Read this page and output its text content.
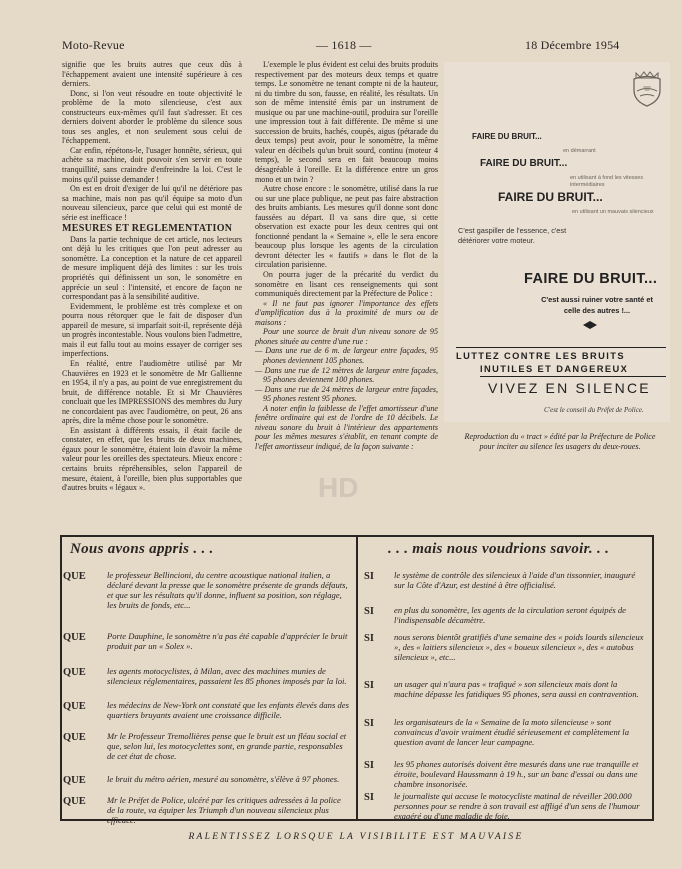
Moto-Revue	— 1618 —	18 Décembre 1954

signifie que les bruits autres que ceux dûs à l'échappement avaient une intensité supérieure à ces derniers.

Donc, si l'on veut résoudre en toute objectivité le problème de la moto silencieuse, c'est aux constructeurs eux-mêmes qu'il faut s'adresser. Et ces derniers doivent aborder le problème du silence sous tous ses angles, et non seulement sous celui de l'échappement.

Car enfin, répétons-le, l'usager honnête, sérieux, qui achète sa machine, doit pouvoir s'en servir en toute tranquillité, sans craindre d'enfreindre la loi. C'est le moins qu'il puisse demander !

On est en droit d'exiger de lui qu'il ne détériore pas sa machine, mais non pas qu'il équipe sa moto d'un nouveau silencieux, parce que celui qui est monté de série est inefficace !

MESURES ET REGLEMENTATION

Dans la partie technique de cet article, nos lecteurs ont déjà lu les critiques que l'on peut adresser au sonomètre. La conception et la nature de cet appareil de mesure impliquent déjà des limites : sur les trois propriétés qui définissent un son, le sonomètre en apprécie un seul : l'intensité, et encore de façon ne correspondant pas à la sensibilité auditive.

Evidemment, le problème est très complexe et on pourra nous rétorquer que le fait de disposer d'un appareil de mesure, si imparfait soit-il, représente déjà un progrès incontestable. Nous voulons bien l'admettre, mais il eut fallu tout au moins essayer de corriger ses imperfections.

En réalité, entre l'audiomètre utilisé par Mr Chauvières en 1923 et le sonomètre de Mr Gallienne en 1954, il n'y a pas, au point de vue enregistrement du bruit, de différence notable. Et si Mr Chauvières concluait que les IMPRESSIONS des membres du Jury ne concordaient pas avec l'audiomètre, on peut, 26 ans après, dire la même chose pour le sonomètre.

En assistant à différents essais, il était facile de constater, en effet, que les bruits de deux machines, égaux pour le sonomètre, étaient loin d'avoir la même valeur pour les oreilles des spectateurs. Mieux encore : certains bruits répréhensibles, selon l'appareil de mesure, étaient, à l'oreille, bien plus supportables que d'autres bruits « légaux ».

L'exemple le plus évident est celui des bruits produits respectivement par des moteurs deux temps et quatre temps. Le sonomètre ne tenant compte ni de la hauteur, ni du timbre du son, fausse, en réalité, les résultats. Un son de même intensité émis par un instrument de musique ou par une machine-outil, produira sur l'oreille une impression tout à fait différente. De même si une succession de bruits, hachés, coupés, aigus (pétarade du deux temps) peut avoir, pour le sonomètre, la même valeur en décibels qu'un bruit sourd, continu (moteur 4 temps), le second sera en fait beaucoup moins désagréable à l'oreille. Et la différence entre un gros mono et un twin ?

Autre chose encore : le sonomètre, utilisé dans la rue ou sur une place publique, ne peut pas faire abstraction des bruits ambiants. Les mesures qu'il donne sont donc faussées au départ. Il va sans dire que, si cette observation est exacte pour les deux centres qui ont fonctionné pendant la « Semaine », elle le sera encore beaucoup plus lorsque les agents de la circulation devront détecter les « fautifs » dans le flot de la circulation parisienne.

On pourra juger de la précarité du verdict du sonomètre en lisant ces renseignements qui sont communiqués directement par la Préfecture de Police :

« Il ne faut pas ignorer l'importance des effets d'amplification dus à la proximité de murs ou de maisons :

Pour une source de bruit d'un niveau sonore de 95 phones située au centre d'une rue :

— Dans une rue de 6 m. de largeur entre façades, 95 phones deviennent 105 phones.

— Dans une rue de 12 mètres de largeur entre façades, 95 phones deviennent 100 phones.

— Dans une rue de 24 mètres de largeur entre façades, 95 phones restent 95 phones.

A noter enfin la faiblesse de l'effet amortisseur d'une fenêtre ordinaire qui est de l'ordre de 10 décibels. Le niveau sonore du bruit à l'intérieur des appartements pour les mêmes mesures s'établit, en tenant compte de l'effet amortisseur indiqué, de la façon suivante :

FAIRE DU BRUIT...
en démarrant
FAIRE DU BRUIT...
en utilisant à fond les vitesses intermédiaires
FAIRE DU BRUIT...
en utilisant un mauvais silencieux
C'est gaspiller de l'essence, c'est détériorer votre moteur.
FAIRE DU BRUIT...
C'est aussi ruiner votre santé et celle des autres !...
LUTTEZ CONTRE LES BRUITS
INUTILES ET DANGEREUX
VIVEZ EN SILENCE
C'est le conseil du Préfet de Police.
Reproduction du « tract » édité par la Préfecture de Police pour inciter au silence les usagers du deux-roues.
HD
Nous avons appris . . .
QUE	le professeur Bellincioni, du centre acoustique national italien, a déclaré devant la presse que le sonomètre présente de grands défauts, et que sur les résultats qu'il donne, influent sa position, son réglage, les bruits de fonds, etc...
QUE	Porte Dauphine, le sonomètre n'a pas été capable d'apprécier le bruit produit par un « Solex ».
QUE	les agents motocyclistes, à Milan, avec des machines munies de silencieux réglementaires, passaient les 85 phones imposés par la loi.
QUE	les médecins de New-York ont constaté que les enfants élevés dans des quartiers bruyants avaient une croissance difficile.
QUE	Mr le Professeur Tremollières pense que le bruit est un fléau social et que, selon lui, les motocyclettes sont, en grande partie, responsables de cet état de chose.
QUE	le bruit du métro aérien, mesuré au sonomètre, s'élève à 97 phones.
QUE	Mr le Préfet de Police, ulcéré par les critiques adressées à la police de la route, va équiper les Triumph d'un nouveau silencieux plus efficace.
. . . mais nous voudrions savoir. . .
SI	le système de contrôle des silencieux à l'aide d'un tissonnier, inauguré sur la Côte d'Azur, est destiné à être officialisé.
SI	en plus du sonomètre, les agents de la circulation seront équipés de l'indispensable décamètre.
SI	nous serons bientôt gratifiés d'une semaine des « poids lourds silencieux », des « laitiers silencieux », des « boueux silencieux », des « autobus silencieux », etc...
SI	un usager qui n'aura pas « trafiqué » son silencieux mais dont la machine dépasse les fatidiques 95 phones, sera aussi en contravention.
SI	les organisateurs de la « Semaine de la moto silencieuse » sont convaincus d'avoir vraiment étudié sérieusement et complètement la question avant de lancer leur campagne.
SI	les 95 phones autorisés doivent être mesurés dans une rue tranquille et étroite, boulevard Haussmann à 19 h., sur un banc d'essai ou dans une chambre insonorisée.
SI	le journaliste qui accuse le motocycliste matinal de réveiller 200.000 personnes pour se rendre à son travail est affligé d'un sens de l'humour exagéré ou d'une maladie de foie.
RALENTISSEZ LORSQUE LA VISIBILITE EST MAUVAISE
